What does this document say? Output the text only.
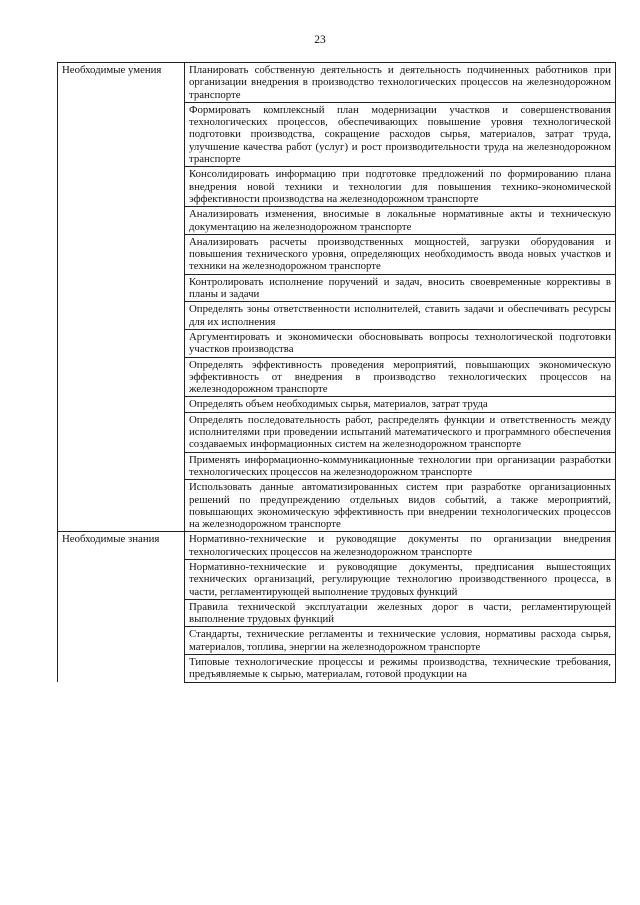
23
Необходимые умения	Планировать собственную деятельность и деятельность подчиненных работников при организации внедрения в производство технологических процессов на железнодорожном транспорте
	Формировать комплексный план модернизации участков и совершенствования технологических процессов, обеспечивающих повышение уровня технологической подготовки производства, сокращение расходов сырья, материалов, затрат труда, улучшение качества работ (услуг) и рост производительности труда на железнодорожном транспорте
	Консолидировать информацию при подготовке предложений по формированию плана внедрения новой техники и технологии для повышения технико-экономической эффективности производства на железнодорожном транспорте
	Анализировать изменения, вносимые в локальные нормативные акты и техническую документацию на железнодорожном транспорте
	Анализировать расчеты производственных мощностей, загрузки оборудования и повышения технического уровня, определяющих необходимость ввода новых участков и техники на железнодорожном транспорте
	Контролировать исполнение поручений и задач, вносить своевременные коррективы в планы и задачи
	Определять зоны ответственности исполнителей, ставить задачи и обеспечивать ресурсы для их исполнения
	Аргументировать и экономически обосновывать вопросы технологической подготовки участков производства
	Определять эффективность проведения мероприятий, повышающих экономическую эффективность от внедрения в производство технологических процессов на железнодорожном транспорте
	Определять объем необходимых сырья, материалов, затрат труда
	Определять последовательность работ, распределять функции и ответственность между исполнителями при проведении испытаний математического и программного обеспечения создаваемых информационных систем на железнодорожном транспорте
	Применять информационно-коммуникационные технологии при организации разработки технологических процессов на железнодорожном транспорте
	Использовать данные автоматизированных систем при разработке организационных решений по предупреждению отдельных видов событий, а также мероприятий, повышающих экономическую эффективность при внедрении технологических процессов на железнодорожном транспорте
Необходимые знания	Нормативно-технические и руководящие документы по организации внедрения технологических процессов на железнодорожном транспорте
	Нормативно-технические и руководящие документы, предписания вышестоящих технических организаций, регулирующие технологию производственного процесса, в части, регламентирующей выполнение трудовых функций
	Правила технической эксплуатации железных дорог в части, регламентирующей выполнение трудовых функций
	Стандарты, технические регламенты и технические условия, нормативы расхода сырья, материалов, топлива, энергии на железнодорожном транспорте
	Типовые технологические процессы и режимы производства, технические требования, предъявляемые к сырью, материалам, готовой продукции на
